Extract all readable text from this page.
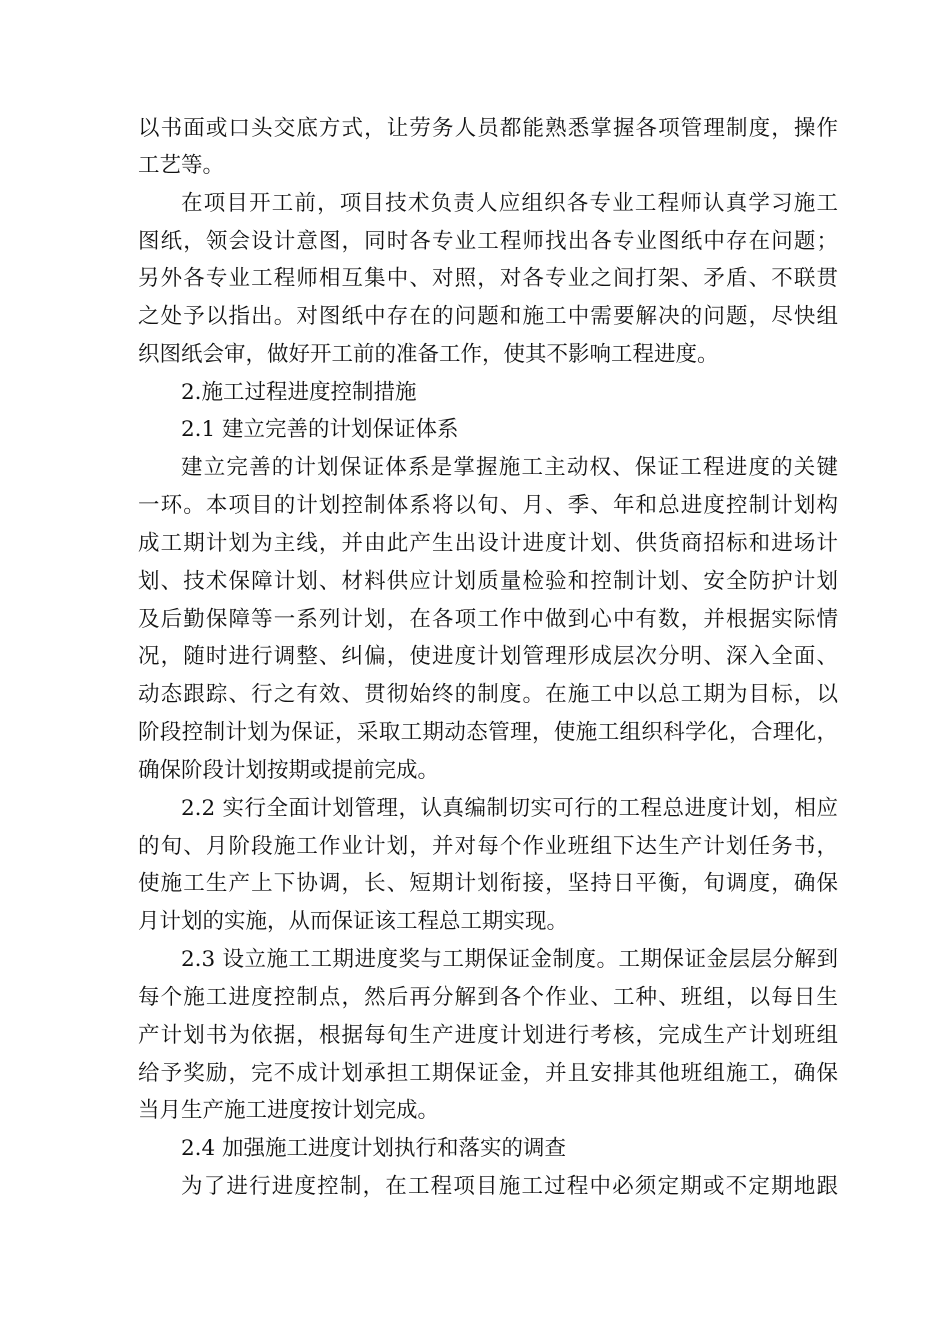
以书面或口头交底方式，让劳务人员都能熟悉掌握各项管理制度，操作
工艺等。
在项目开工前，项目技术负责人应组织各专业工程师认真学习施工
图纸，领会设计意图，同时各专业工程师找出各专业图纸中存在问题；
另外各专业工程师相互集中、对照，对各专业之间打架、矛盾、不联贯
之处予以指出。对图纸中存在的问题和施工中需要解决的问题，尽快组
织图纸会审，做好开工前的准备工作，使其不影响工程进度。
2.施工过程进度控制措施
2.1 建立完善的计划保证体系
建立完善的计划保证体系是掌握施工主动权、保证工程进度的关键
一环。本项目的计划控制体系将以旬、月、季、年和总进度控制计划构
成工期计划为主线，并由此产生出设计进度计划、供货商招标和进场计
划、技术保障计划、材料供应计划质量检验和控制计划、安全防护计划
及后勤保障等一系列计划，在各项工作中做到心中有数，并根据实际情
况，随时进行调整、纠偏，使进度计划管理形成层次分明、深入全面、
动态跟踪、行之有效、贯彻始终的制度。在施工中以总工期为目标，以
阶段控制计划为保证，采取工期动态管理，使施工组织科学化，合理化，
确保阶段计划按期或提前完成。
2.2 实行全面计划管理，认真编制切实可行的工程总进度计划，相应
的旬、月阶段施工作业计划，并对每个作业班组下达生产计划任务书，
使施工生产上下协调，长、短期计划衔接，坚持日平衡，旬调度，确保
月计划的实施，从而保证该工程总工期实现。
2.3 设立施工工期进度奖与工期保证金制度。工期保证金层层分解到
每个施工进度控制点，然后再分解到各个作业、工种、班组，以每日生
产计划书为依据，根据每旬生产进度计划进行考核，完成生产计划班组
给予奖励，完不成计划承担工期保证金，并且安排其他班组施工，确保
当月生产施工进度按计划完成。
2.4 加强施工进度计划执行和落实的调查
为了进行进度控制，在工程项目施工过程中必须定期或不定期地跟
